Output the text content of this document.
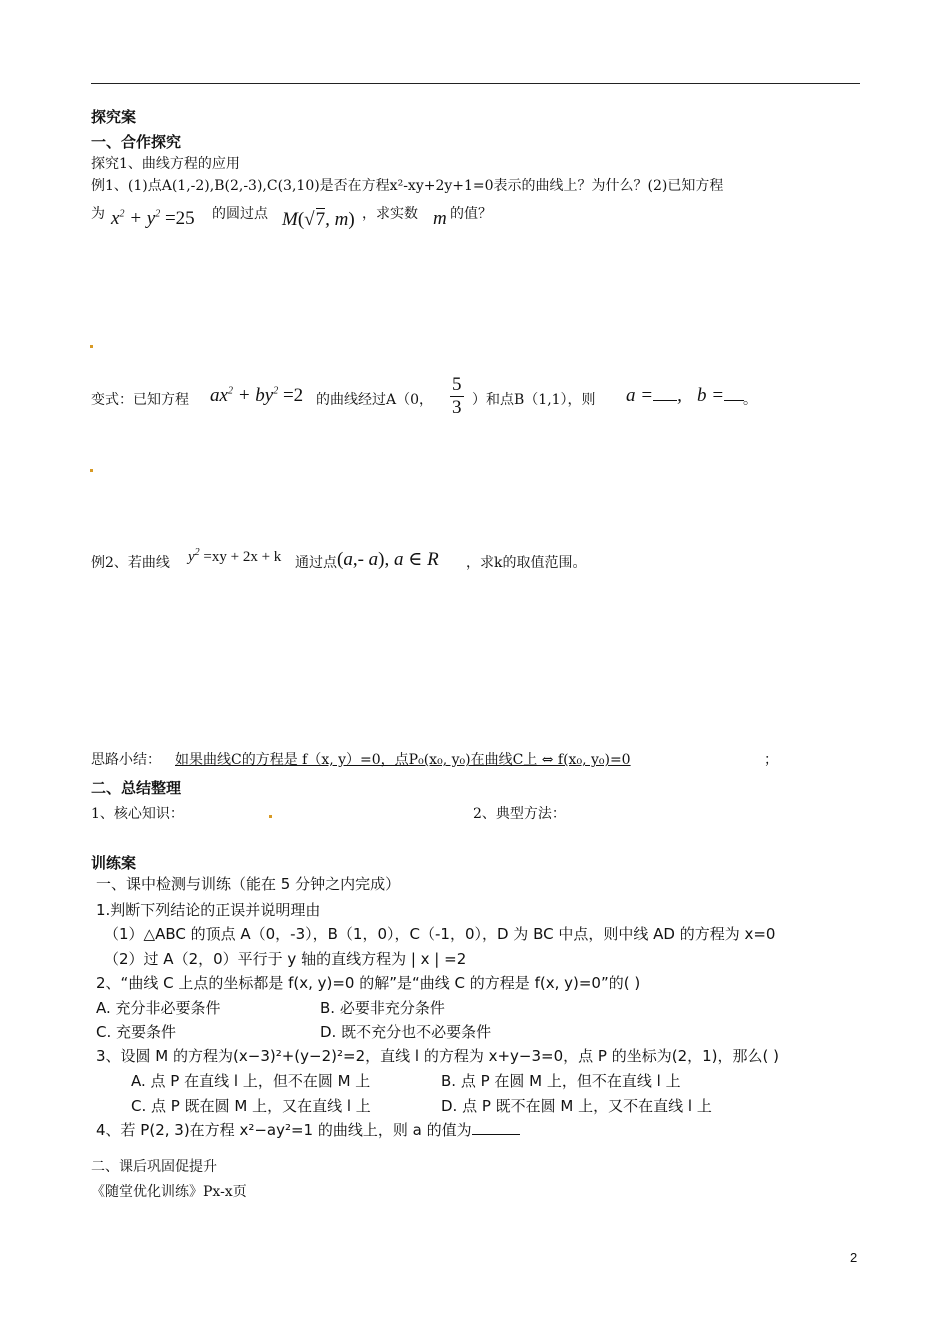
探究案
一、合作探究
探究1、曲线方程的应用
例1、(1)点A(1,-2),B(2,-3),C(3,10)是否在方程x²-xy+2y+1=0表示的曲线上？为什么？(2)已知方程
为 $x^2 + y^2 =25$ 的圆过点 M(√7, m) ，求实数 m 的值？
变式：已知方程 $ax^2 + by^2 =2$ 的曲线经过A（0， $\frac{5}{3}$ ）和点B（1,1），则 a = , b =	。
例2、若曲线 $y^2 =xy + 2x + k$ 通过点 (a,- a), a ∈ R ，求k的取值范围。
思路小结： 如果曲线C的方程是 f（x, y）=0，点P₀(x₀, y₀)在曲线C上 ⇔ f(x₀, y₀)=0	；
二、总结整理
1、核心知识：	2、典型方法：
训练案
一、课中检测与训练（能在 5 分钟之内完成）
1.判断下列结论的正误并说明理由
（1）△ABC 的顶点 A（0，-3），B（1，0），C（-1，0），D 为 BC 中点，则中线 AD 的方程为 x=0
（2）过 A（2，0）平行于 y 轴的直线方程为 | x | =2
2、“曲线 C 上点的坐标都是 f(x, y)=0 的解”是“曲线 C 的方程是 f(x, y)=0”的( )
A. 充分非必要条件	B. 必要非充分条件
C. 充要条件	D. 既不充分也不必要条件
3、设圆 M 的方程为(x−3)²+(y−2)²=2，直线 l 的方程为 x+y−3=0，点 P 的坐标为(2，1)，那么( )
A. 点 P 在直线 l 上，但不在圆 M 上	B. 点 P 在圆 M 上，但不在直线 l 上
C. 点 P 既在圆 M 上，又在直线 l 上	D. 点 P 既不在圆 M 上，又不在直线 l 上
4、若 P(2, 3)在方程 x²−ay²=1 的曲线上，则 a 的值为
二、课后巩固促提升
《随堂优化训练》Px-x页
2
